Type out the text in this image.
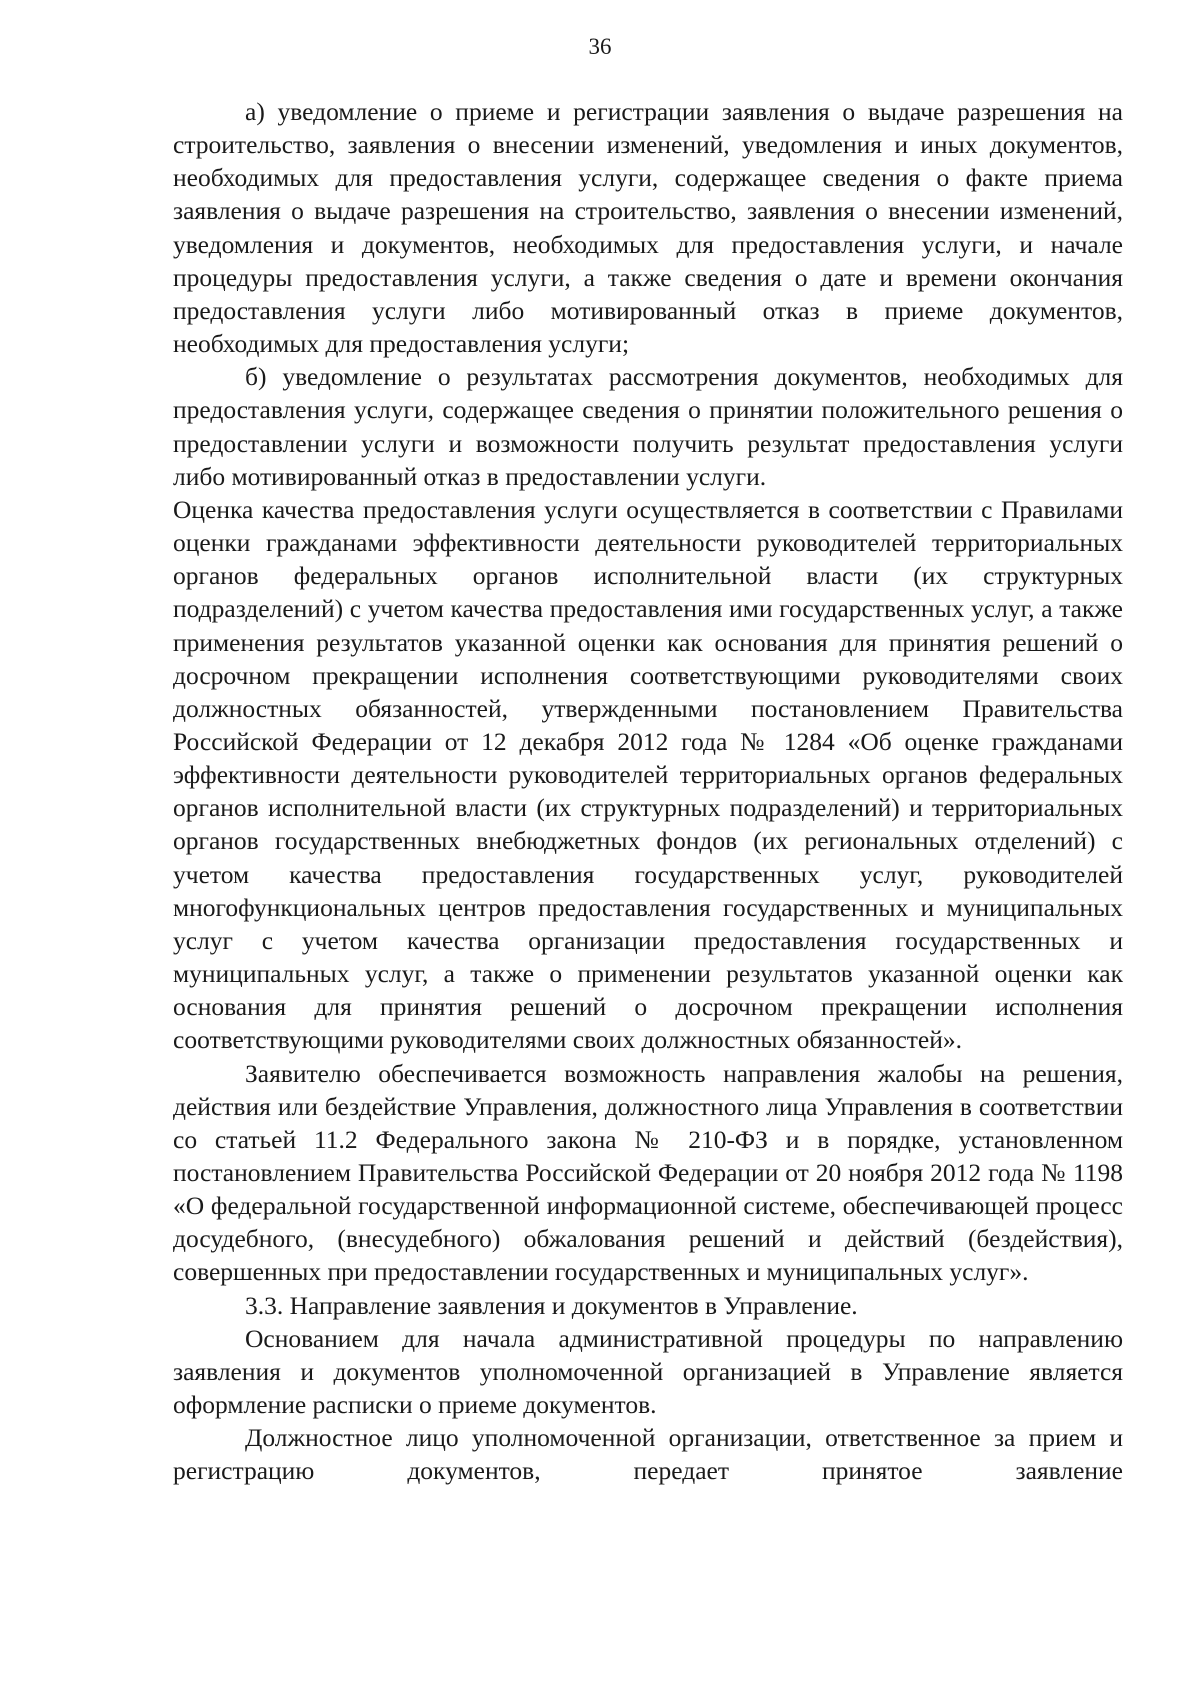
36

а) уведомление о приеме и регистрации заявления о выдаче разрешения на строительство, заявления о внесении изменений, уведомления и иных документов, необходимых для предоставления услуги, содержащее сведения о факте приема заявления о выдаче разрешения на строительство, заявления о внесении изменений, уведомления и документов, необходимых для предоставления услуги, и начале процедуры предоставления услуги, а также сведения о дате и времени окончания предоставления услуги либо мотивированный отказ в приеме документов, необходимых для предоставления услуги;

б) уведомление о результатах рассмотрения документов, необходимых для предоставления услуги, содержащее сведения о принятии положительного решения о предоставлении услуги и возможности получить результат предоставления услуги либо мотивированный отказ в предоставлении услуги.

Оценка качества предоставления услуги осуществляется в соответствии с Правилами оценки гражданами эффективности деятельности руководителей территориальных органов федеральных органов исполнительной власти (их структурных подразделений) с учетом качества предоставления ими государственных услуг, а также применения результатов указанной оценки как основания для принятия решений о досрочном прекращении исполнения соответствующими руководителями своих должностных обязанностей, утвержденными постановлением Правительства Российской Федерации от 12 декабря 2012 года № 1284 «Об оценке гражданами эффективности деятельности руководителей территориальных органов федеральных органов исполнительной власти (их структурных подразделений) и территориальных органов государственных внебюджетных фондов (их региональных отделений) с учетом качества предоставления государственных услуг, руководителей многофункциональных центров предоставления государственных и муниципальных услуг с учетом качества организации предоставления государственных и муниципальных услуг, а также о применении результатов указанной оценки как основания для принятия решений о досрочном прекращении исполнения соответствующими руководителями своих должностных обязанностей».

Заявителю обеспечивается возможность направления жалобы на решения, действия или бездействие Управления, должностного лица Управления в соответствии со статьей 11.2 Федерального закона № 210-ФЗ и в порядке, установленном постановлением Правительства Российской Федерации от 20 ноября 2012 года № 1198 «О федеральной государственной информационной системе, обеспечивающей процесс досудебного, (внесудебного) обжалования решений и действий (бездействия), совершенных при предоставлении государственных и муниципальных услуг».

3.3. Направление заявления и документов в Управление.

Основанием для начала административной процедуры по направлению заявления и документов уполномоченной организацией в Управление является оформление расписки о приеме документов.

Должностное лицо уполномоченной организации, ответственное за прием и регистрацию документов, передает принятое заявление
